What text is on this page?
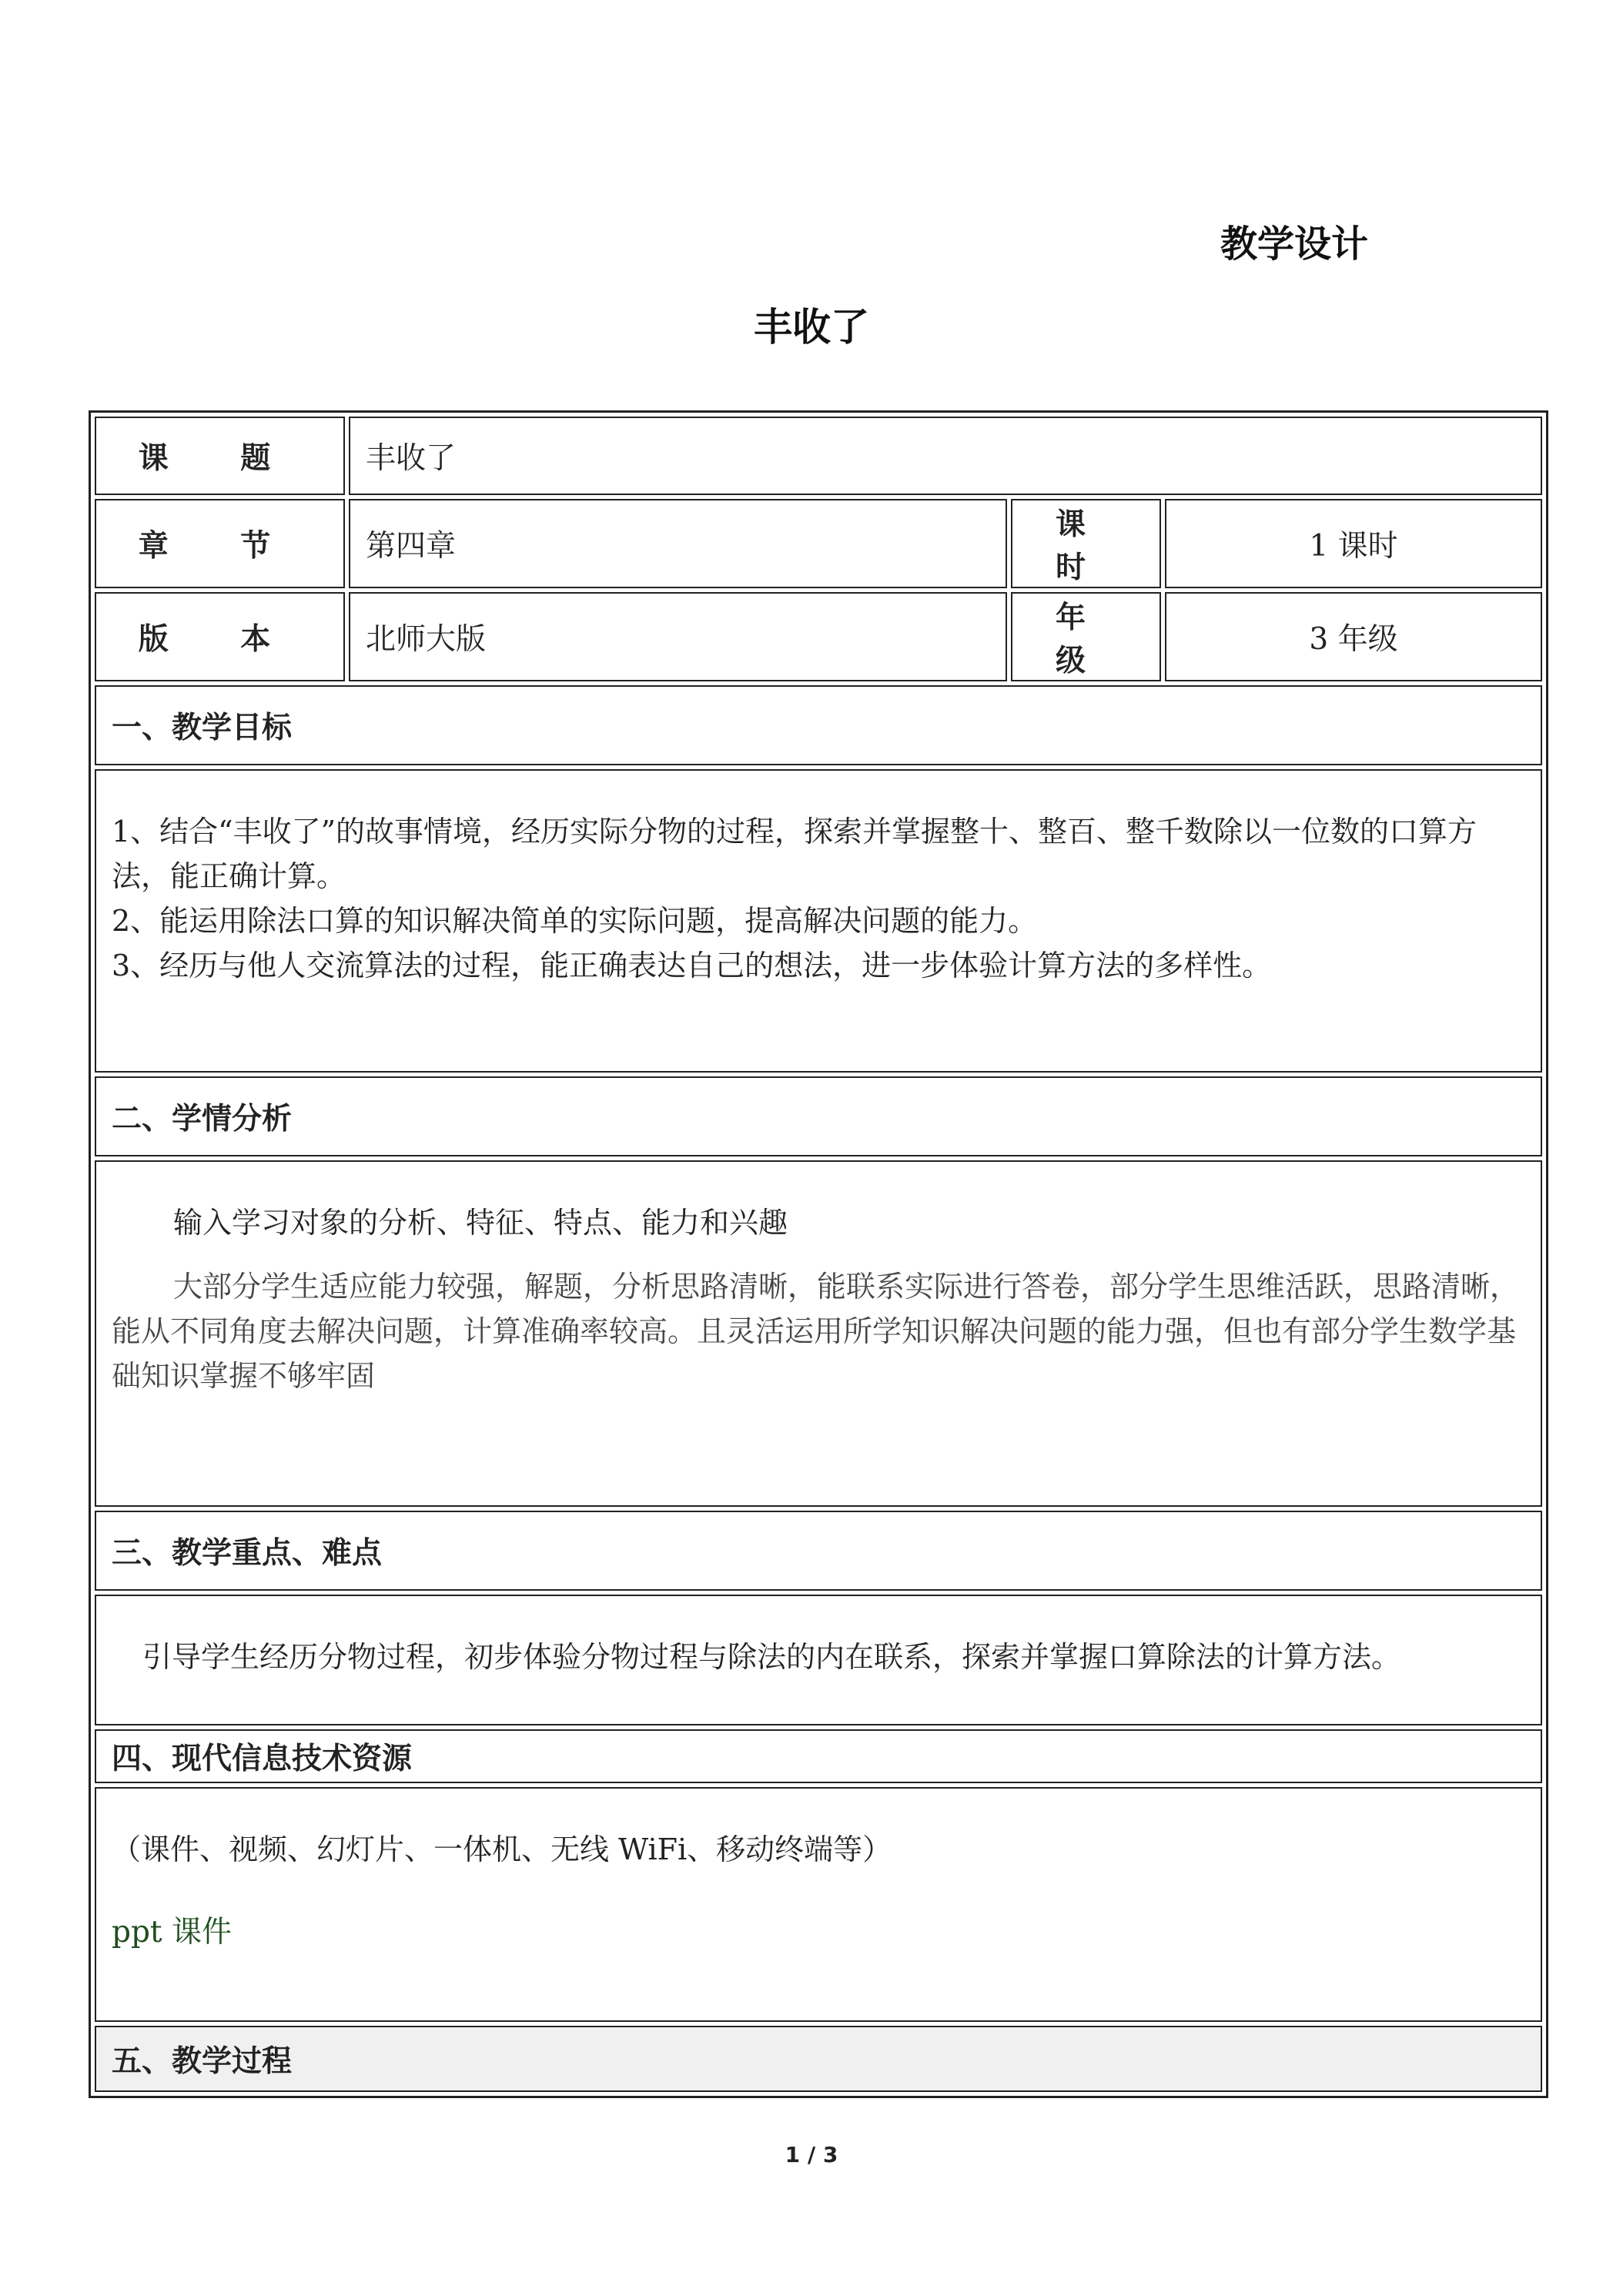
教学设计
丰收了
课 题	丰收了		
章 节	第四章	课 时	1 课时
版 本	北师大版	年 级	3 年级
一、教学目标			

1、结合“丰收了”的故事情境，经历实际分物的过程，探索并掌握整十、整百、整千数除以一位数的口算方法，能正确计算。

2、能运用除法口算的知识解决简单的实际问题，提高解决问题的能力。

3、经历与他人交流算法的过程，能正确表达自己的想法，进一步体验计算方法的多样性。			

二、学情分析			

输入学习对象的分析、特征、特点、能力和兴趣

大部分学生适应能力较强，解题，分析思路清晰，能联系实际进行答卷，部分学生思维活跃，思路清晰，能从不同角度去解决问题，计算准确率较高。且灵活运用所学知识解决问题的能力强，但也有部分学生数学基础知识掌握不够牢固			

三、教学重点、难点			

引导学生经历分物过程，初步体验分物过程与除法的内在联系，探索并掌握口算除法的计算方法。			

四、现代信息技术资源			

（课件、视频、幻灯片、一体机、无线 WiFi、移动终端等）

ppt 课件			

五、教学过程			
1 / 3
